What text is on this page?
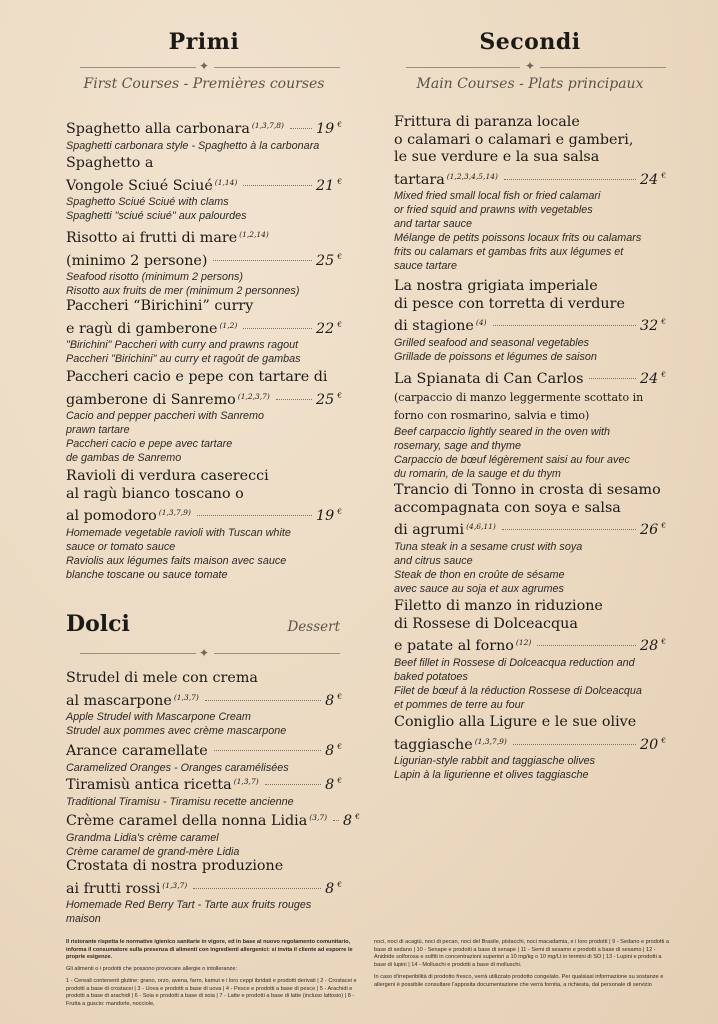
Primi
✦
First Courses - Premières courses
Spaghetto alla carbonara $^{(1,3,7,8)}$ 19 €
Spaghetti carbonara style - Spaghetto à la carbonara
Spaghetto a
Vongole Sciué Sciué $^{(1,14)}$	21 €
Spaghetto Sciué Sciué with clams
Spaghetti "sciué sciué" aux palourdes
Risotto ai frutti di mare $^{(1,2,14)}$
(minimo 2 persone)	25 €
Seafood risotto (minimum 2 persons)
Risotto aux fruits de mer (minimum 2 personnes)
Paccheri “Birichini” curry
e ragù di gamberone $^{(1,2)}$	22 €
"Birichini" Paccheri with curry and prawns ragout
Paccheri "Birichini" au curry et ragoût de gambas
Paccheri cacio e pepe con tartare di
gamberone di Sanremo $^{(1,2,3,7)}$	25 €
Cacio and pepper paccheri with Sanremo
prawn tartare
Paccheri cacio e pepe avec tartare
de gambas de Sanremo
Ravioli di verdura caserecci
al ragù bianco toscano o
al pomodoro $^{(1,3,7,9)}$	19 €
Homemade vegetable ravioli with Tuscan white
sauce or tomato sauce
Raviolis aux légumes faits maison avec sauce
blanche toscane ou sauce tomate
Dolci	Dessert
✦
Strudel di mele con crema
al mascarpone $^{(1,3,7)}$	8 €
Apple Strudel with Mascarpone Cream
Strudel aux pommes avec crème mascarpone
Arance caramellate	8 €
Caramelized Oranges - Oranges caramélisées
Tiramisù antica ricetta $^{(1,3,7)}$	8 €
Traditional Tiramisu - Tiramisu recette ancienne
Crème caramel della nonna Lidia $^{(3,7)}$ 8 €
Grandma Lidia's crème caramel
Crème caramel de grand-mère Lidia
Crostata di nostra produzione
ai frutti rossi $^{(1,3,7)}$	8 €
Homemade Red Berry Tart - Tarte aux fruits rouges maison
Secondi
✦
Main Courses - Plats principaux
Frittura di paranza locale
o calamari o calamari e gamberi,
le sue verdure e la sua salsa
tartara $^{(1,2,3,4,5,14)}$	24 €
Mixed fried small local fish or fried calamari
or fried squid and prawns with vegetables
and tartar sauce
Mélange de petits poissons locaux frits ou calamars
frits ou calamars et gambas frits aux légumes et
sauce tartare
La nostra grigiata imperiale
di pesce con torretta di verdure
di stagione $^{(4)}$	32 €
Grilled seafood and seasonal vegetables
Grillade de poissons et légumes de saison
La Spianata di Can Carlos	24 €
(carpaccio di manzo leggermente scottato in
forno con rosmarino, salvia e timo)
Beef carpaccio lightly seared in the oven with
rosemary, sage and thyme
Carpaccio de bœuf légèrement saisi au four avec
du romarin, de la sauge et du thym
Trancio di Tonno in crosta di sesamo
accompagnata con soya e salsa
di agrumi $^{(4,6,11)}$	26 €
Tuna steak in a sesame crust with soya
and citrus sauce
Steak de thon en croûte de sésame
avec sauce au soja et aux agrumes
Filetto di manzo in riduzione
di Rossese di Dolceacqua
e patate al forno $^{(12)}$	28 €
Beef fillet in Rossese di Dolceacqua reduction and
baked potatoes
Filet de bœuf à la réduction Rossese di Dolceacqua
et pommes de terre au four
Coniglio alla Ligure e le sue olive
taggiasche $^{(1,3,7,9)}$	20 €
Ligurian-style rabbit and taggiasche olives
Lapin à la ligurienne et olives taggiasche

Il ristorante rispetta le normative igienico sanitarie in vigore, ed in base al nuovo regolamento comunitario, informa il consumatore sulla presenza di alimenti con ingredienti allergenici: si invita il cliente ad esporre le proprie esigenze.

Gli alimenti o i prodotti che possono provocare allergie o intolleranze:

1 - Cereali contenenti glutine: grano, orzo, avena, farro, kamut e i loro ceppi ibridati e prodotti derivati | 2 - Crostacei e prodotti a base di crostacei | 3 - Uova e prodotti a base di uova | 4 - Pesce e prodotti a base di pesce | 5 - Arachidi e prodotti a base di arachidi | 6 - Soia e prodotti a base di soia | 7 - Latte e prodotti a base di latte (incluso lattosio) | 8 - Frutta a guscio: mandorle, nocciole,

noci, noci di acagiù, noci di pecan, noci del Brasile, pistacchi, noci macadamia, e i loro prodotti | 9 - Sedano e prodotti a base di sedano | 10 - Senape e prodotti a base di senape | 11 - Semi di sesamo e prodotti a base di sesamo | 12 - Anidride solforosa e solfiti in concentrazioni superiori a 10 mg/kg o 10 mg/Lt in termini di SO | 13 - Lupini e prodotti a base di lupini | 14 - Molluschi e prodotti a base di molluschi.

In caso d'irreperibilità di prodotto fresco, verrà utilizzato prodotto congelato. Per qualsiasi informazione su sostanze e allergeni è possibile consultare l'apposita documentazione che verrà fornita, a richiesta, dal personale di servizio
